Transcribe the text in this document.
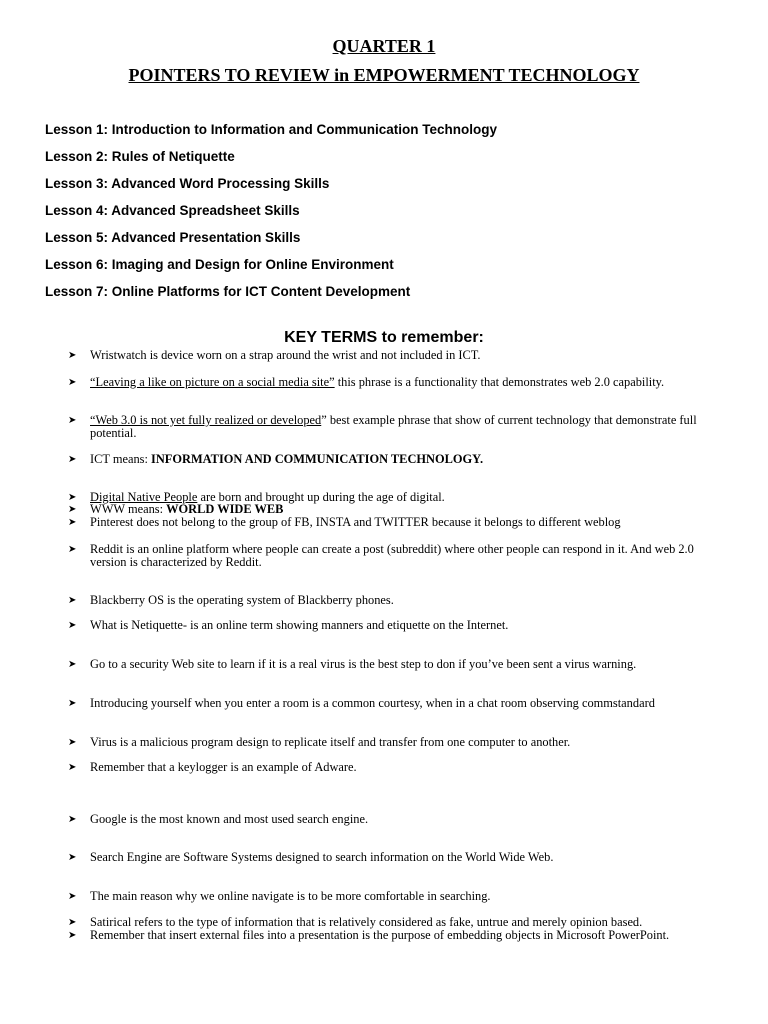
QUARTER 1
POINTERS TO REVIEW in EMPOWERMENT TECHNOLOGY
Lesson 1: Introduction to Information and Communication Technology
Lesson 2: Rules of Netiquette
Lesson 3: Advanced Word Processing Skills
Lesson 4: Advanced Spreadsheet Skills
Lesson 5: Advanced Presentation Skills
Lesson 6: Imaging and Design for Online Environment
Lesson 7: Online Platforms for ICT Content Development
KEY TERMS to remember:
➤ Wristwatch is device worn on a strap around the wrist and not included in ICT.
➤ “Leaving a like on picture on a social media site” this phrase is a functionality that demonstrates web 2.0 capability.
➤ “Web 3.0 is not yet fully realized or developed” best example phrase that show of current technology that demonstrate full potential.
➤ ICT means: INFORMATION AND COMMUNICATION TECHNOLOGY.
➤ Digital Native People are born and brought up during the age of digital.
➤ WWW means: WORLD WIDE WEB
➤ Pinterest does not belong to the group of FB, INSTA and TWITTER because it belongs to different weblog
➤ Reddit is an online platform where people can create a post (subreddit) where other people can respond in it. And web 2.0 version is characterized by Reddit.
➤ Blackberry OS is the operating system of Blackberry phones.
➤ What is Netiquette- is an online term showing manners and etiquette on the Internet.
➤ Go to a security Web site to learn if it is a real virus is the best step to don if you’ve been sent a virus warning.
➤ Introducing yourself when you enter a room is a common courtesy, when in a chat room observing commstandard
➤ Virus is a malicious program design to replicate itself and transfer from one computer to another.
➤ Remember that a keylogger is an example of Adware.
➤ Google is the most known and most used search engine.
➤ Search Engine are Software Systems designed to search information on the World Wide Web.
➤ The main reason why we online navigate is to be more comfortable in searching.
➤ Satirical refers to the type of information that is relatively considered as fake, untrue and merely opinion based.
➤ Remember that insert external files into a presentation is the purpose of embedding objects in Microsoft PowerPoint.
